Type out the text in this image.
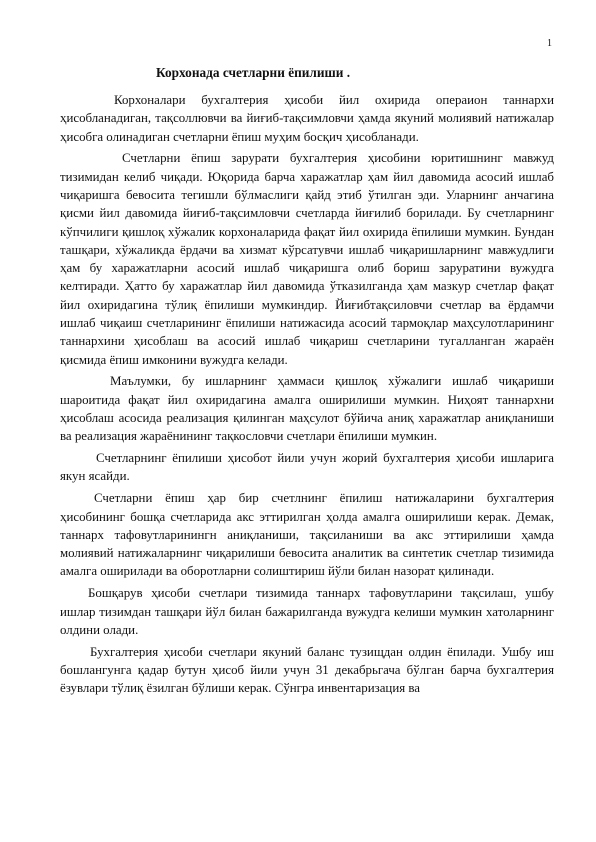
1
Корхонада счетларни ёпилиши .

Корхоналари бухгалтерия ҳисоби йил охирида операион таннархи ҳисобланадиган, тақсоллювчи ва йиғиб-тақсимловчи ҳамда якуний молиявий натижалар ҳисобга олинадиган счетларни ёпиш муҳим босқич ҳисобланади.

Счетларни ёпиш зарурати бухгалтерия ҳисобини юритишнинг мавжуд тизимидан келиб чиқади. Юқорида барча харажатлар ҳам йил давомида асосий ишлаб чиқаришга бевосита тегишли бўлмаслиги қайд этиб ўтилган эди. Уларнинг анчагина қисми йил давомида йиғиб-тақсимловчи счетларда йиғилиб борилади. Бу счетларнинг кўпчилиги қишлоқ хўжалик корхоналарида фақат йил охирида ёпилиши мумкин. Бундан ташқари, хўжаликда ёрдачи ва хизмат кўрсатувчи ишлаб чиқаришларнинг мавжудлиги ҳам бу харажатларни асосий ишлаб чиқаришга олиб бориш заруратини вужудга келтиради. Ҳатто бу харажатлар йил давомида ўтказилганда ҳам мазкур счетлар фақат йил охиридагина тўлиқ ёпилиши мумкиндир. Йиғибтақсиловчи счетлар ва ёрдамчи ишлаб чиқаиш счетларининг ёпилиши натижасида асосий тармоқлар маҳсулотларининг таннархини ҳисоблаш ва асосий ишлаб чиқариш счетларини тугалланган жараён қисмида ёпиш имконини вужудга келади.

Маълумки, бу ишларнинг ҳаммаси қишлоқ хўжалиги ишлаб чиқариши шароитида фақат йил охиридагина амалга оширилиши мумкин. Ниҳоят таннархни ҳисоблаш асосида реализация қилинган маҳсулот бўйича аниқ харажатлар аниқланиши ва реализация жараёнининг тақкословчи счетлари ёпилиши мумкин.

Счетларнинг ёпилиши ҳисобот йили учун жорий бухгалтерия ҳисоби ишларига якун ясайди.

Счетларни ёпиш ҳар бир счетлнинг ёпилиш натижаларини бухгалтерия ҳисобининг бошқа счетларида акс эттирилган ҳолда амалга оширилиши керак. Демак, таннарх тафовутларинингн аниқланиши, тақсиланиши ва акс эттирилиши ҳамда молиявий натижаларнинг чиқарилиши бевосита аналитик ва синтетик счетлар тизимида амалга оширилади ва оборотларни солиштириш йўли билан назорат қилинади.

Бошқарув ҳисоби счетлари тизимида таннарх тафовутларини тақсилаш, ушбу ишлар тизимдан ташқари йўл билан бажарилганда вужудга келиши мумкин хатоларнинг олдини олади.

Бухгалтерия ҳисоби счетлари якуний баланс тузищдан олдин ёпилади. Ушбу иш бошлангунга қадар бутун ҳисоб йили учун 31 декабрьгача бўлган барча бухгалтерия ёзувлари тўлиқ ёзилган бўлиши керак. Сўнгра инвентаризация ва
